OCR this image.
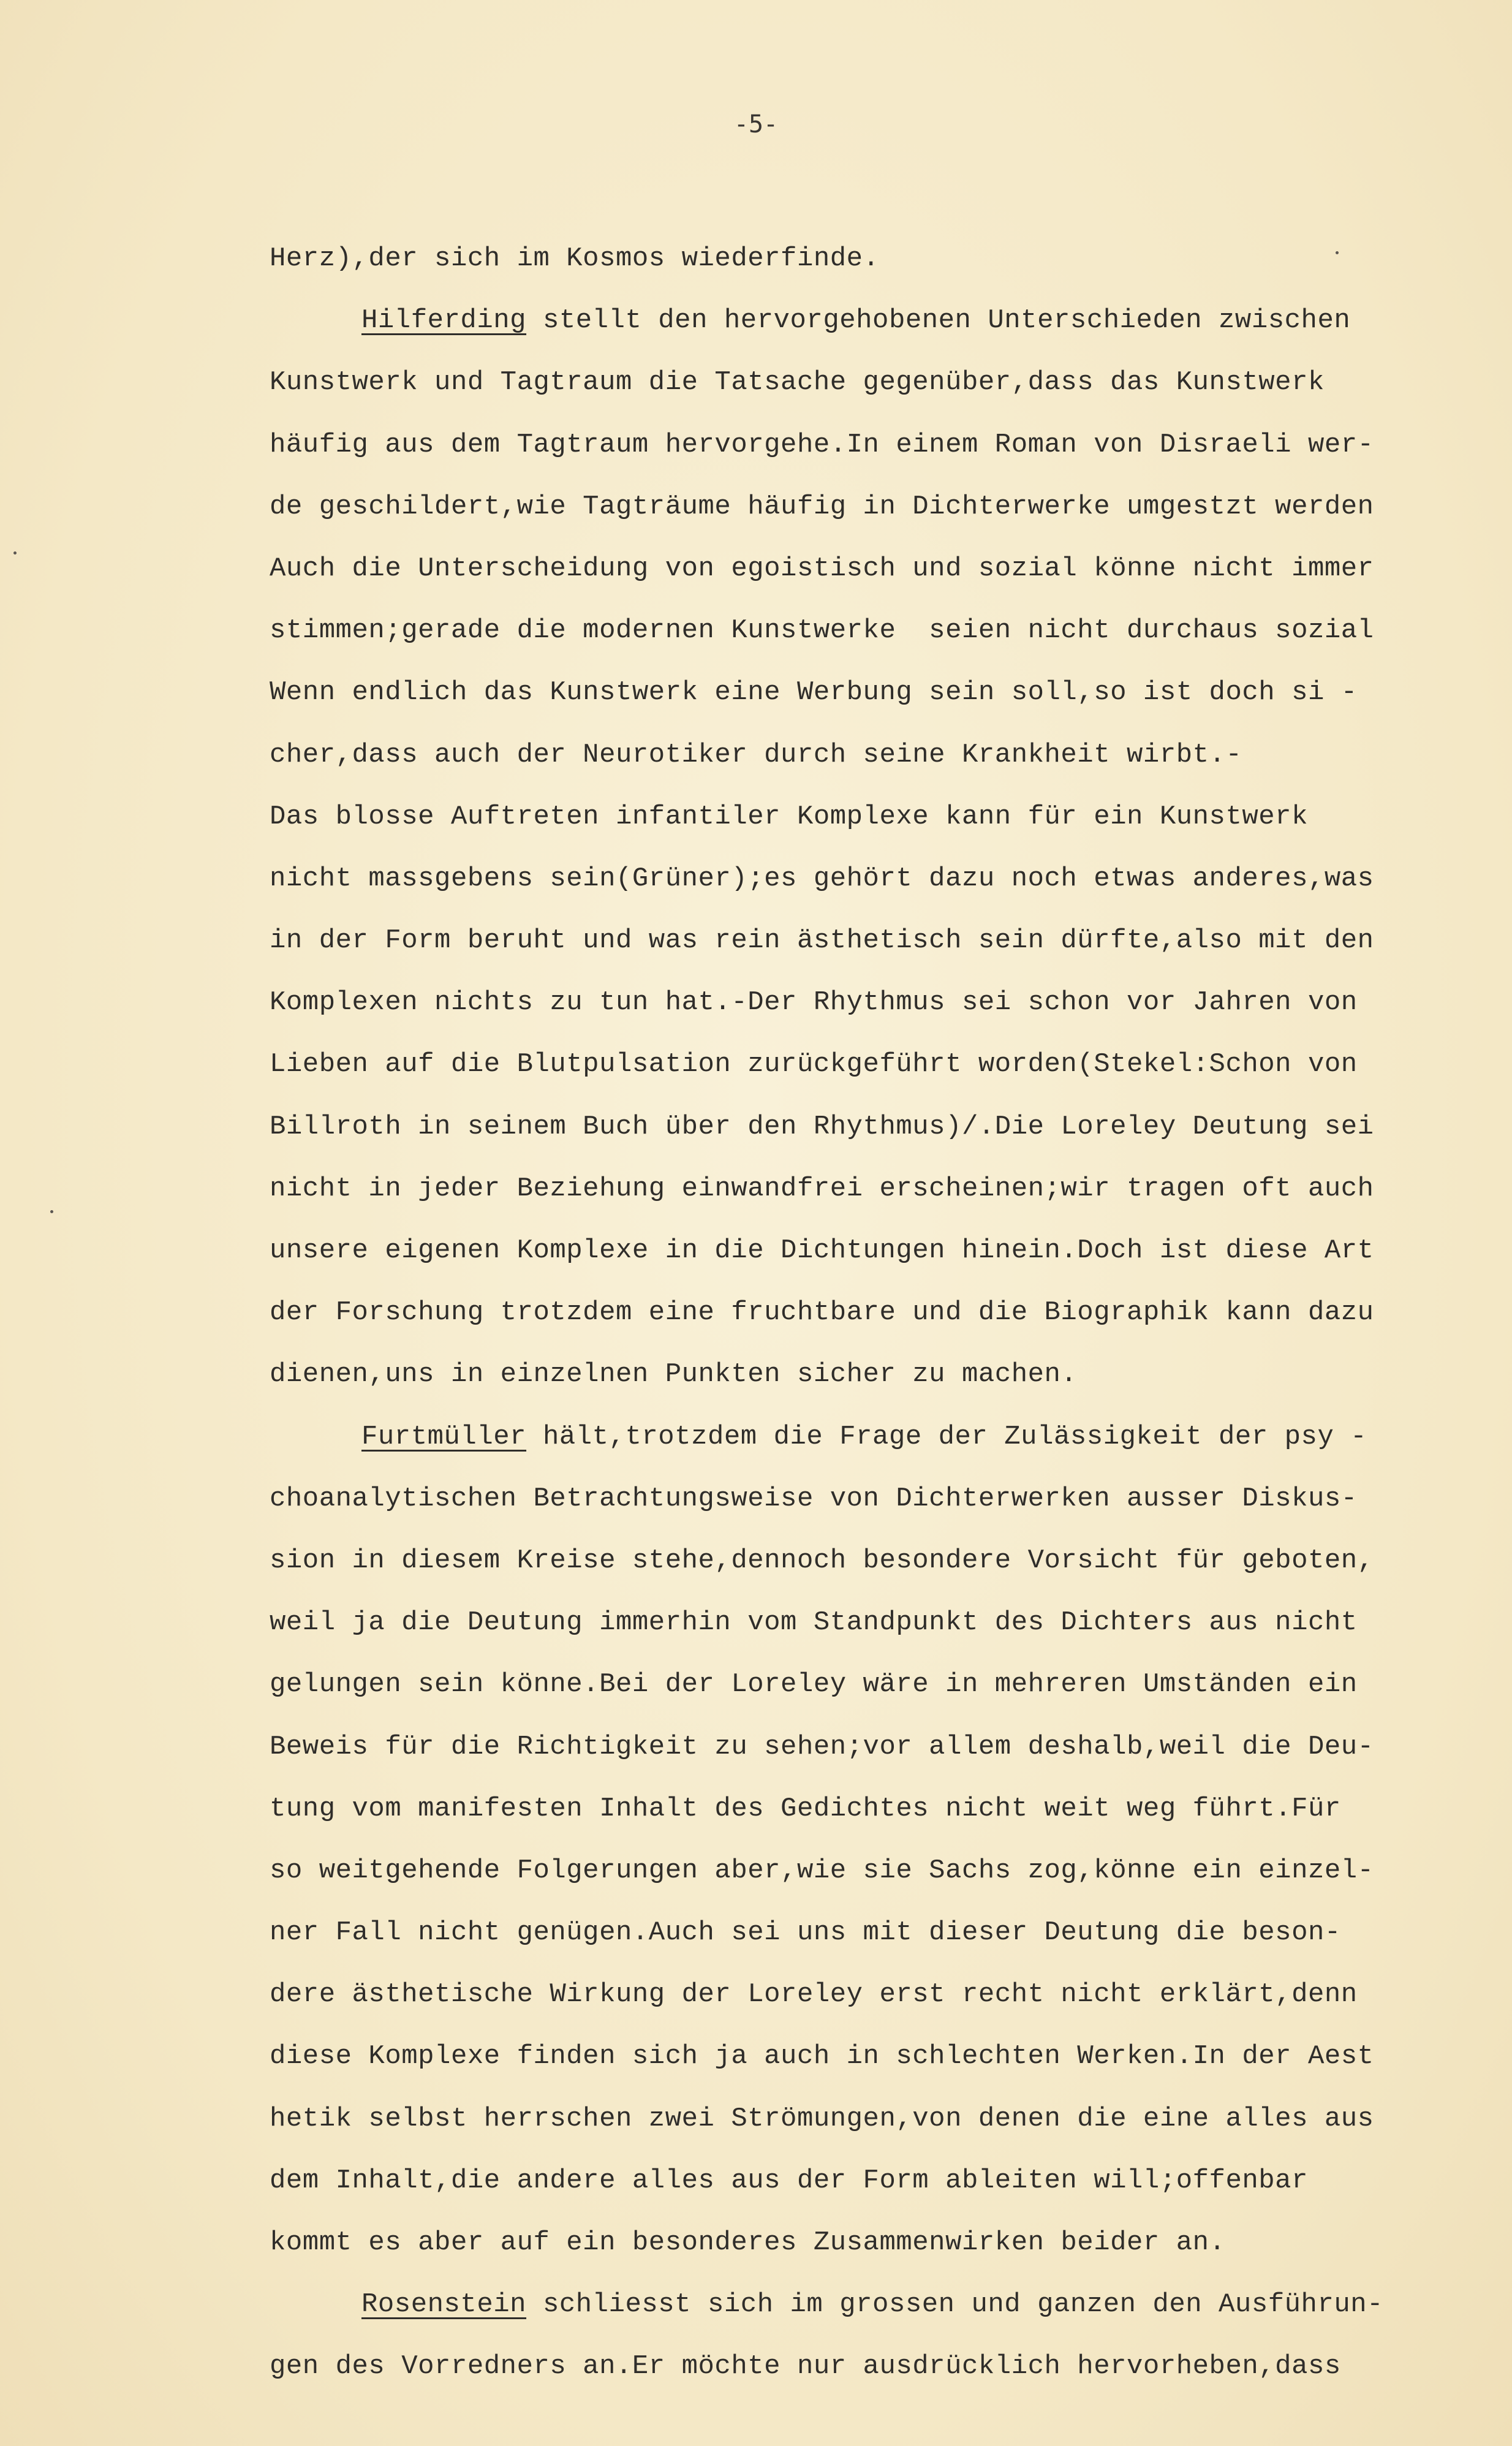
-5-
Herz),der sich im Kosmos wiederfinde.
Hilferding stellt den hervorgehobenen Unterschieden zwischen
Kunstwerk und Tagtraum die Tatsache gegenüber,dass das Kunstwerk
häufig aus dem Tagtraum hervorgehe.In einem Roman von Disraeli wer-
de geschildert,wie Tagträume häufig in Dichterwerke umgestzt werden
Auch die Unterscheidung von egoistisch und sozial könne nicht immer
stimmen;gerade die modernen Kunstwerke  seien nicht durchaus sozial
Wenn endlich das Kunstwerk eine Werbung sein soll,so ist doch si -
cher,dass auch der Neurotiker durch seine Krankheit wirbt.-
Das blosse Auftreten infantiler Komplexe kann für ein Kunstwerk
nicht massgebens sein(Grüner);es gehört dazu noch etwas anderes,was
in der Form beruht und was rein ästhetisch sein dürfte,also mit den
Komplexen nichts zu tun hat.-Der Rhythmus sei schon vor Jahren von
Lieben auf die Blutpulsation zurückgeführt worden(Stekel:Schon von
Billroth in seinem Buch über den Rhythmus)/.Die Loreley Deutung sei
nicht in jeder Beziehung einwandfrei erscheinen;wir tragen oft auch
unsere eigenen Komplexe in die Dichtungen hinein.Doch ist diese Art
der Forschung trotzdem eine fruchtbare und die Biographik kann dazu
dienen,uns in einzelnen Punkten sicher zu machen.
Furtmüller hält,trotzdem die Frage der Zulässigkeit der psy -
choanalytischen Betrachtungsweise von Dichterwerken ausser Diskus-
sion in diesem Kreise stehe,dennoch besondere Vorsicht für geboten,
weil ja die Deutung immerhin vom Standpunkt des Dichters aus nicht
gelungen sein könne.Bei der Loreley wäre in mehreren Umständen ein
Beweis für die Richtigkeit zu sehen;vor allem deshalb,weil die Deu-
tung vom manifesten Inhalt des Gedichtes nicht weit weg führt.Für
so weitgehende Folgerungen aber,wie sie Sachs zog,könne ein einzel-
ner Fall nicht genügen.Auch sei uns mit dieser Deutung die beson-
dere ästhetische Wirkung der Loreley erst recht nicht erklärt,denn
diese Komplexe finden sich ja auch in schlechten Werken.In der Aest
hetik selbst herrschen zwei Strömungen,von denen die eine alles aus
dem Inhalt,die andere alles aus der Form ableiten will;offenbar
kommt es aber auf ein besonderes Zusammenwirken beider an.
Rosenstein schliesst sich im grossen und ganzen den Ausführun-
gen des Vorredners an.Er möchte nur ausdrücklich hervorheben,dass
